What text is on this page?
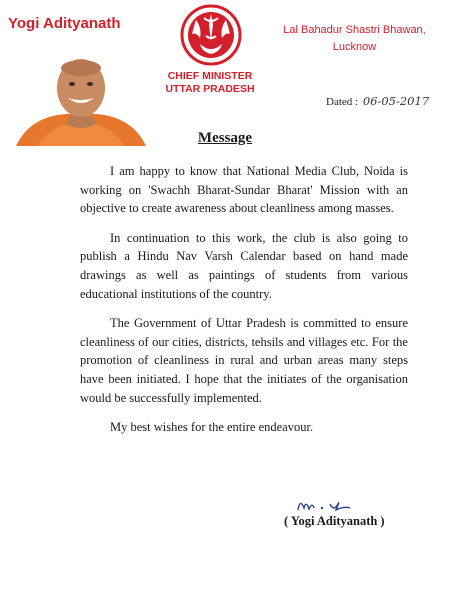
Yogi Adityanath
CHIEF MINISTER
UTTAR PRADESH
Lal Bahadur Shastri Bhawan,
Lucknow
Dated : 06-05-2017
Message

I am happy to know that National Media Club, Noida is working on 'Swachh Bharat-Sundar Bharat' Mission with an objective to create awareness about cleanliness among masses.

In continuation to this work, the club is also going to publish a Hindu Nav Varsh Calendar based on hand made drawings as well as paintings of students from various educational institutions of the country.

The Government of Uttar Pradesh is committed to ensure cleanliness of our cities, districts, tehsils and villages etc. For the promotion of cleanliness in rural and urban areas many steps have been initiated. I hope that the initiates of the organisation would be successfully implemented.

My best wishes for the entire endeavour.

( Yogi Adityanath )
